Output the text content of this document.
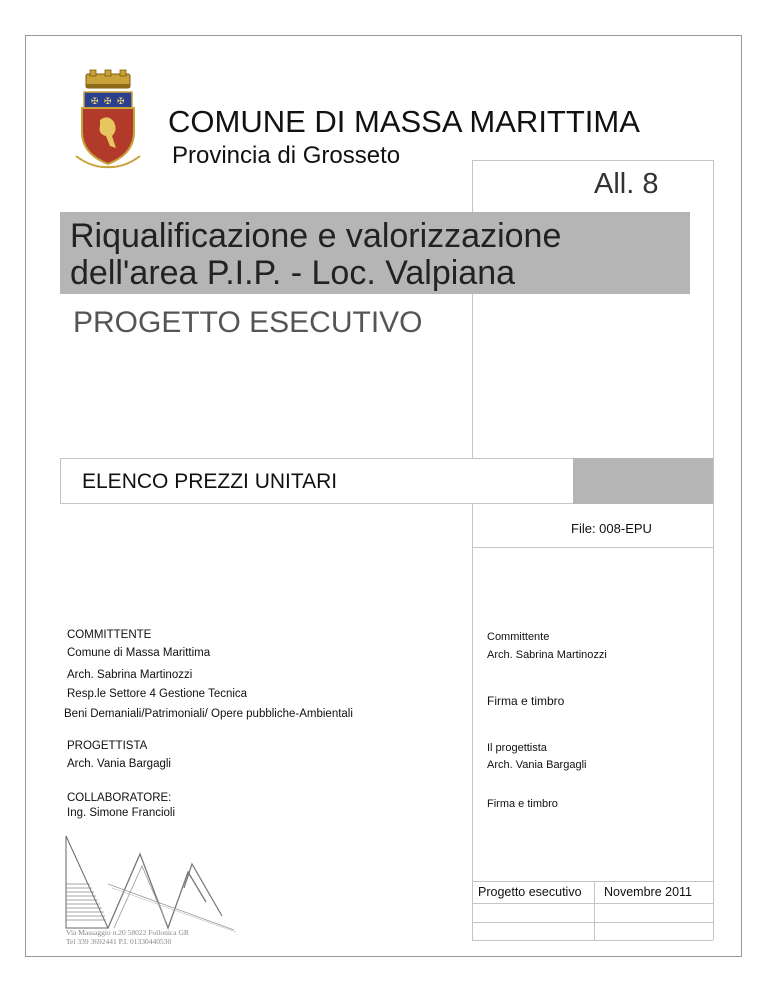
✠ ✠ ✠
COMUNE DI MASSA MARITTIMA
Provincia di Grosseto
All. 8
Riqualificazione e valorizzazione
dell'area P.I.P. - Loc. Valpiana
PROGETTO ESECUTIVO
ELENCO PREZZI UNITARI
File: 008-EPU
COMMITTENTE
Comune di Massa Marittima
Arch. Sabrina Martinozzi
Resp.le Settore 4 Gestione Tecnica
Beni Demaniali/Patrimoniali/ Opere pubbliche-Ambientali
PROGETTISTA
Arch. Vania Bargagli
COLLABORATORE:
Ing. Simone Francioli
Committente
Arch. Sabrina Martinozzi
Firma e timbro
Il progettista
Arch. Vania Bargagli
Firma e timbro
Progetto esecutivo Novembre 2011
Via Massaggio n.20 58022 Follonica GR
Tel 339 3692441 P.I. 01330440530
